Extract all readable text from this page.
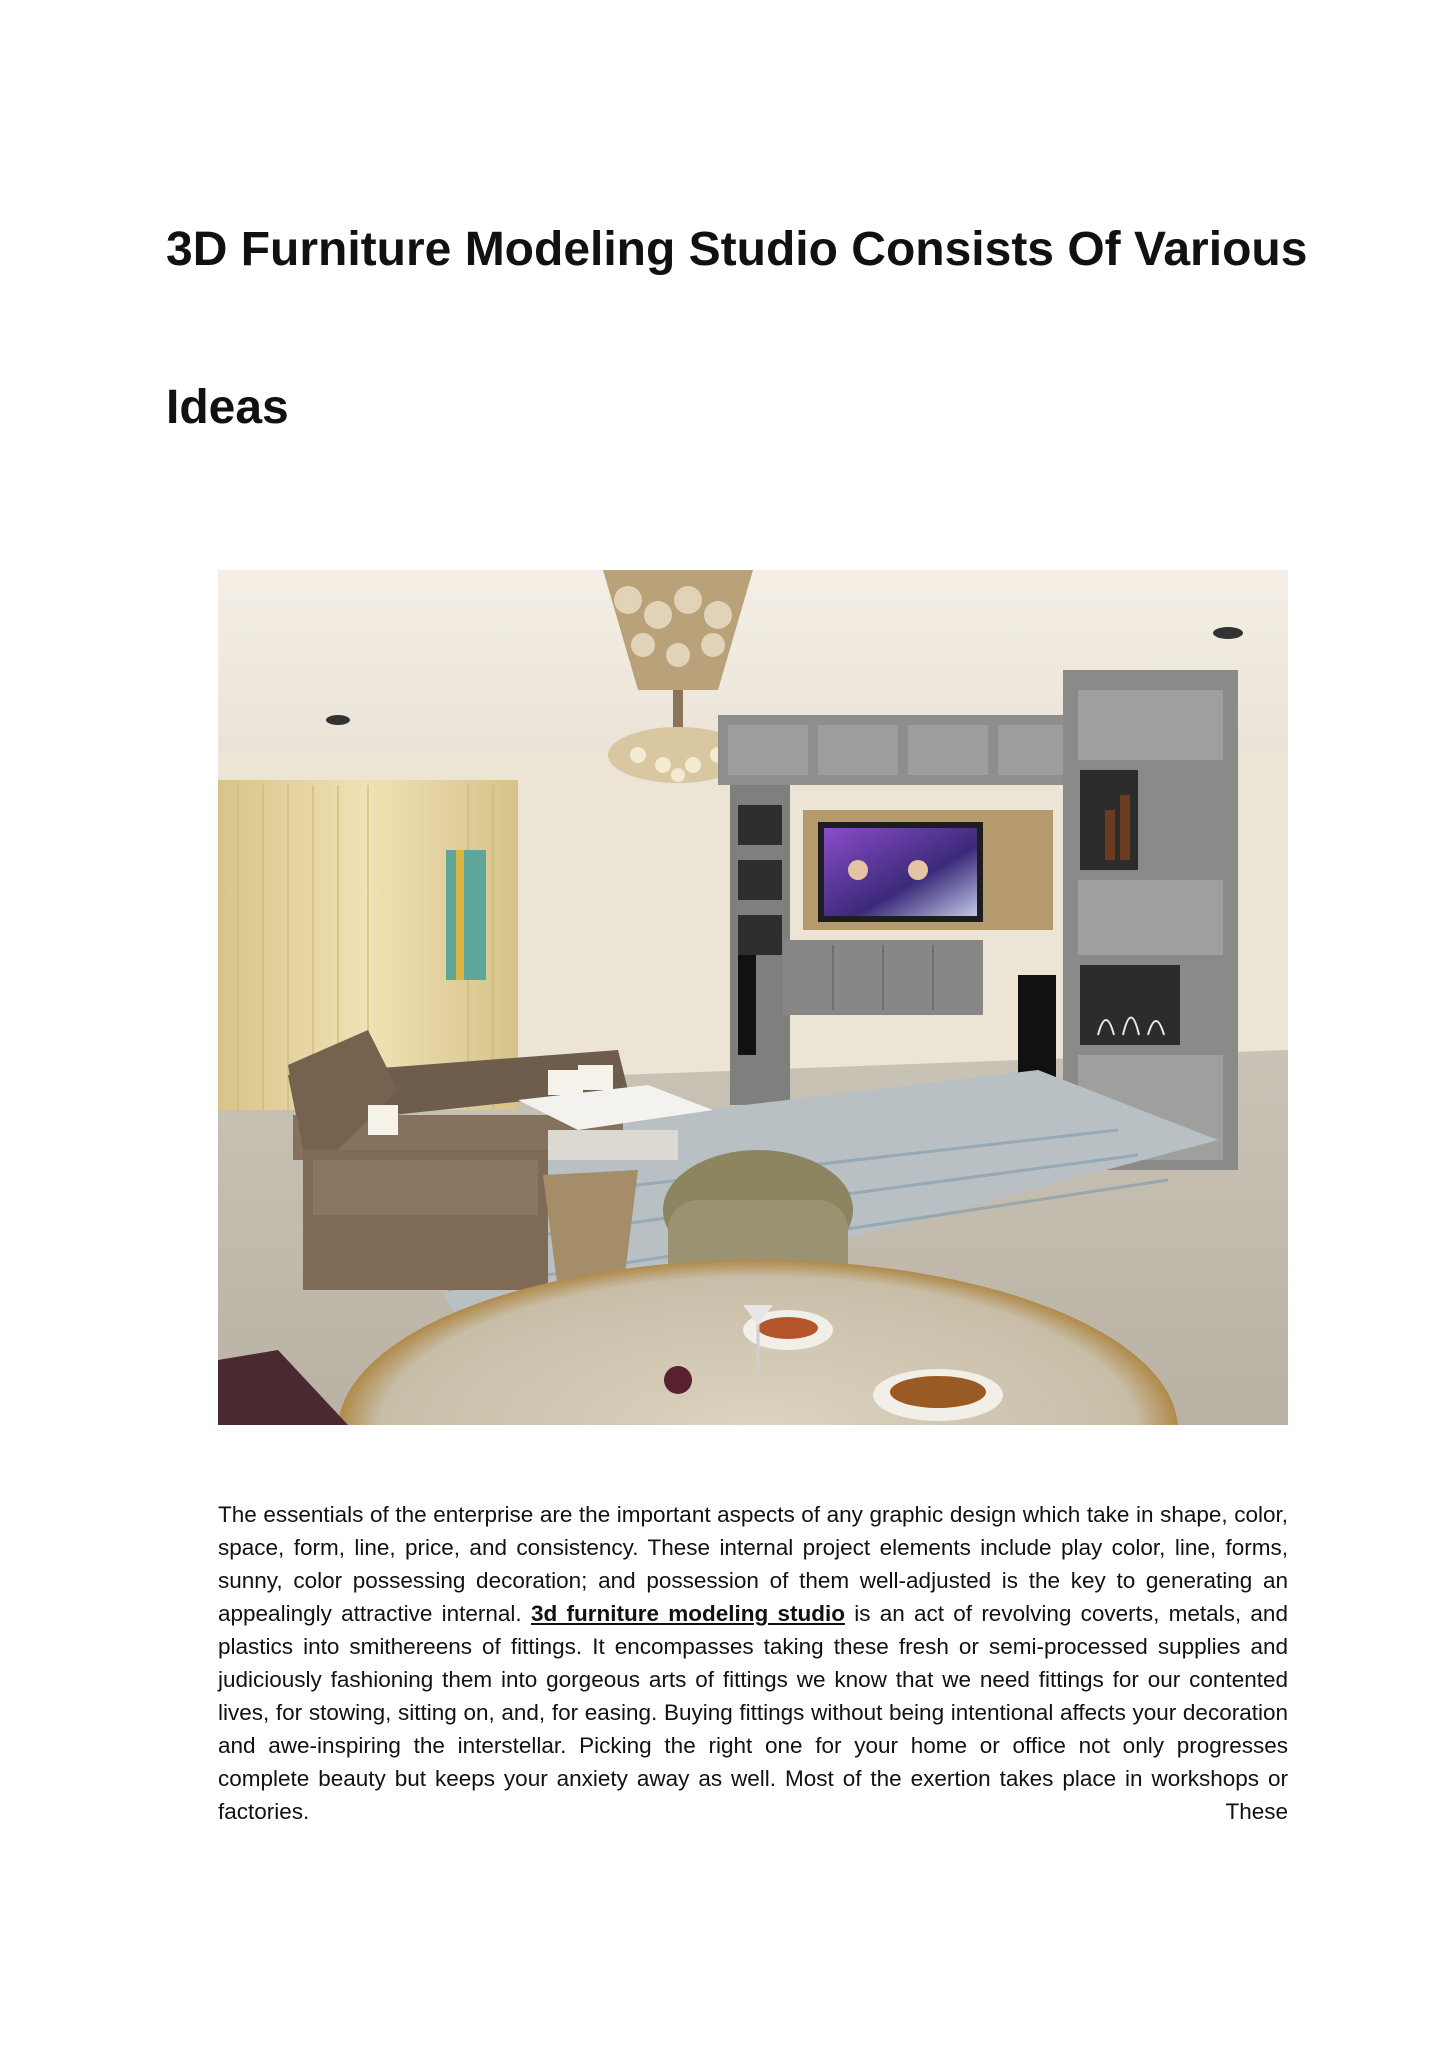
3D Furniture Modeling Studio Consists Of Various
Ideas

The essentials of the enterprise are the important aspects of any graphic design which take in shape, color, space, form, line, price, and consistency. These internal project elements include play color, line, forms, sunny, color possessing decoration; and possession of them well-adjusted is the key to generating an appealingly attractive internal. 3d furniture modeling studio is an act of revolving coverts, metals, and plastics into smithereens of fittings. It encompasses taking these fresh or semi-processed supplies and judiciously fashioning them into gorgeous arts of fittings we know that we need fittings for our contented lives, for stowing, sitting on, and, for easing. Buying fittings without being intentional affects your decoration and awe-inspiring the interstellar. Picking the right one for your home or office not only progresses complete beauty but keeps your anxiety away as well. Most of the exertion takes place in workshops or factories. These
